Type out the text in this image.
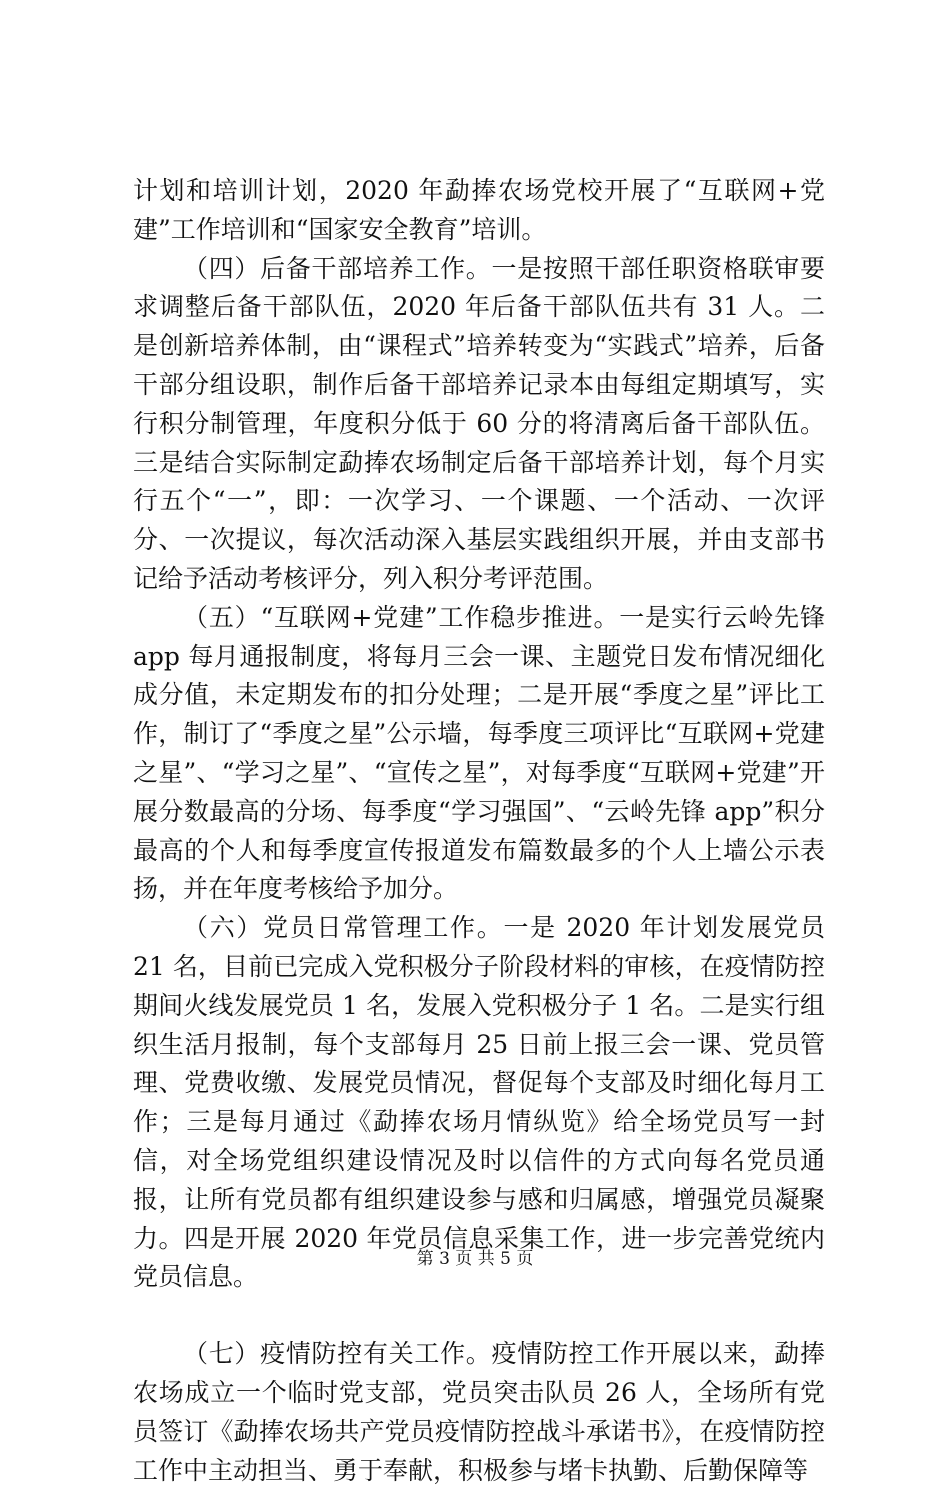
计划和培训计划，2020 年勐捧农场党校开展了“互联网+党建”工作培训和“国家安全教育”培训。

（四）后备干部培养工作。一是按照干部任职资格联审要求调整后备干部队伍，2020 年后备干部队伍共有 31 人。二是创新培养体制，由“课程式”培养转变为“实践式”培养，后备干部分组设职，制作后备干部培养记录本由每组定期填写，实行积分制管理，年度积分低于 60 分的将清离后备干部队伍。三是结合实际制定勐捧农场制定后备干部培养计划，每个月实行五个“一”，即：一次学习、一个课题、一个活动、一次评分、一次提议，每次活动深入基层实践组织开展，并由支部书记给予活动考核评分，列入积分考评范围。

（五）“互联网+党建”工作稳步推进。一是实行云岭先锋 app 每月通报制度，将每月三会一课、主题党日发布情况细化成分值，未定期发布的扣分处理；二是开展“季度之星”评比工作，制订了“季度之星”公示墙，每季度三项评比“互联网+党建之星”、“学习之星”、“宣传之星”，对每季度“互联网+党建”开展分数最高的分场、每季度“学习强国”、“云岭先锋 app”积分最高的个人和每季度宣传报道发布篇数最多的个人上墙公示表扬，并在年度考核给予加分。

（六）党员日常管理工作。一是 2020 年计划发展党员 21 名，目前已完成入党积极分子阶段材料的审核，在疫情防控期间火线发展党员 1 名，发展入党积极分子 1 名。二是实行组织生活月报制，每个支部每月 25 日前上报三会一课、党员管理、党费收缴、发展党员情况，督促每个支部及时细化每月工作；三是每月通过《勐捧农场月情纵览》给全场党员写一封信，对全场党组织建设情况及时以信件的方式向每名党员通报，让所有党员都有组织建设参与感和归属感，增强党员凝聚力。四是开展 2020 年党员信息采集工作，进一步完善党统内党员信息。

（七）疫情防控有关工作。疫情防控工作开展以来，勐捧农场成立一个临时党支部，党员突击队员 26 人，全场所有党员签订《勐捧农场共产党员疫情防控战斗承诺书》，在疫情防控工作中主动担当、勇于奉献，积极参与堵卡执勤、后勤保障等

第 3 页 共 5 页
